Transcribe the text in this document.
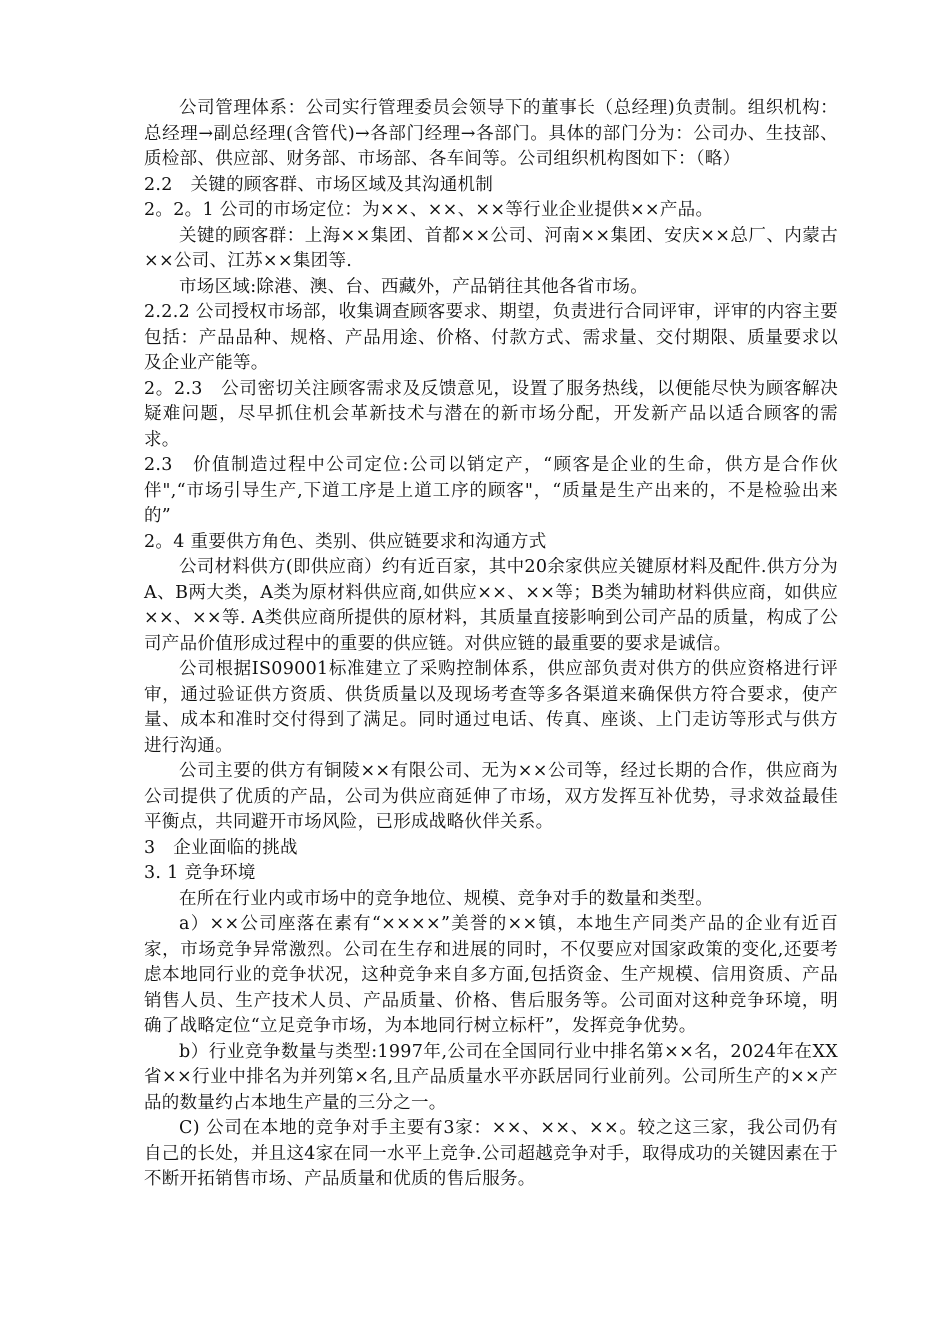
公司管理体系：公司实行管理委员会领导下的董事长（总经理)负责制。组织机构：总经理→副总经理(含管代)→各部门经理→各部门。具体的部门分为：公司办、生技部、质检部、供应部、财务部、市场部、各车间等。公司组织机构图如下：（略）

2.2　关键的顾客群、市场区域及其沟通机制

2。2。1 公司的市场定位：为××、××、××等行业企业提供××产品。

关键的顾客群：上海××集团、首都××公司、河南××集团、安庆××总厂、内蒙古××公司、江苏××集团等.

市场区域:除港、澳、台、西藏外，产品销往其他各省市场。

2.2.2 公司授权市场部，收集调查顾客要求、期望，负责进行合同评审，评审的内容主要包括：产品品种、规格、产品用途、价格、付款方式、需求量、交付期限、质量要求以及企业产能等。

2。2.3　公司密切关注顾客需求及反馈意见，设置了服务热线，以便能尽快为顾客解决疑难问题，尽早抓住机会革新技术与潜在的新市场分配，开发新产品以适合顾客的需求。

2.3　价值制造过程中公司定位:公司以销定产，“顾客是企业的生命，供方是合作伙伴",“市场引导生产,下道工序是上道工序的顾客"，“质量是生产出来的，不是检验出来的”

2。4 重要供方角色、类别、供应链要求和沟通方式

公司材料供方(即供应商）约有近百家，其中20余家供应关键原材料及配件.供方分为A、B两大类，A类为原材料供应商,如供应××、××等；B类为辅助材料供应商，如供应××、××等. A类供应商所提供的原材料，其质量直接影响到公司产品的质量，构成了公司产品价值形成过程中的重要的供应链。对供应链的最重要的要求是诚信。

公司根据IS09001标准建立了采购控制体系，供应部负责对供方的供应资格进行评审，通过验证供方资质、供货质量以及现场考查等多各渠道来确保供方符合要求，使产量、成本和准时交付得到了满足。同时通过电话、传真、座谈、上门走访等形式与供方进行沟通。

公司主要的供方有铜陵××有限公司、无为××公司等，经过长期的合作，供应商为公司提供了优质的产品，公司为供应商延伸了市场，双方发挥互补优势，寻求效益最佳平衡点，共同避开市场风险，已形成战略伙伴关系。

3　企业面临的挑战

3. 1 竞争环境

在所在行业内或市场中的竞争地位、规模、竞争对手的数量和类型。

a）××公司座落在素有“××××”美誉的××镇，本地生产同类产品的企业有近百家，市场竞争异常激烈。公司在生存和进展的同时，不仅要应对国家政策的变化,还要考虑本地同行业的竞争状况，这种竞争来自多方面,包括资金、生产规模、信用资质、产品销售人员、生产技术人员、产品质量、价格、售后服务等。公司面对这种竞争环境，明确了战略定位“立足竞争市场，为本地同行树立标杆”，发挥竞争优势。

b）行业竞争数量与类型:1997年,公司在全国同行业中排名第××名，2024年在XX省××行业中排名为并列第×名,且产品质量水平亦跃居同行业前列。公司所生产的××产品的数量约占本地生产量的三分之一。

C) 公司在本地的竞争对手主要有3家：××、××、××。较之这三家，我公司仍有自己的长处，并且这4家在同一水平上竞争.公司超越竞争对手，取得成功的关键因素在于不断开拓销售市场、产品质量和优质的售后服务。
